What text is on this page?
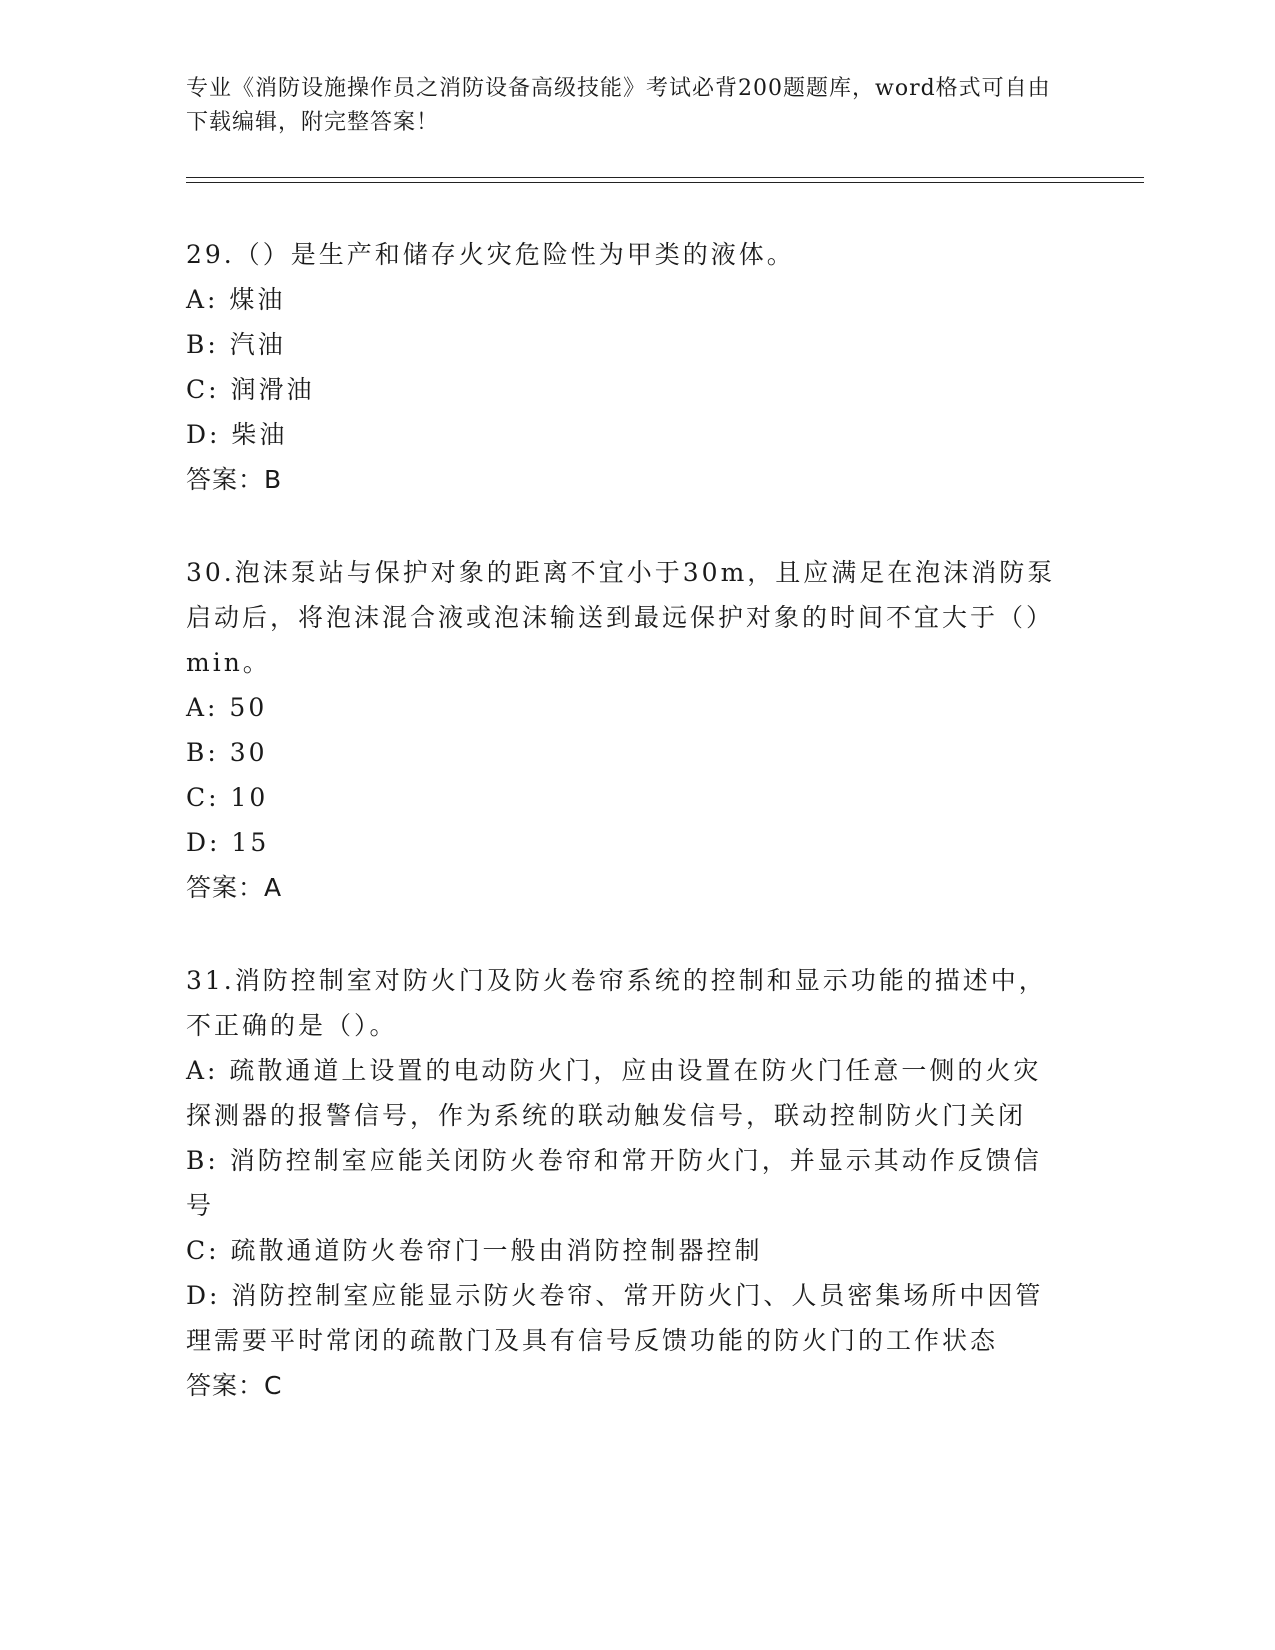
专业《消防设施操作员之消防设备高级技能》考试必背200题题库，word格式可自由下载编辑，附完整答案！

29.（）是生产和储存火灾危险性为甲类的液体。

A: 煤油

B: 汽油

C: 润滑油

D: 柴油

答案：B

30.泡沫泵站与保护对象的距离不宜小于30m，且应满足在泡沫消防泵启动后，将泡沫混合液或泡沫输送到最远保护对象的时间不宜大于（）min。

A: 50

B: 30

C: 10

D: 15

答案：A

31.消防控制室对防火门及防火卷帘系统的控制和显示功能的描述中，不正确的是（）。

A: 疏散通道上设置的电动防火门，应由设置在防火门任意一侧的火灾探测器的报警信号，作为系统的联动触发信号，联动控制防火门关闭

B: 消防控制室应能关闭防火卷帘和常开防火门，并显示其动作反馈信号

C: 疏散通道防火卷帘门一般由消防控制器控制

D: 消防控制室应能显示防火卷帘、常开防火门、人员密集场所中因管理需要平时常闭的疏散门及具有信号反馈功能的防火门的工作状态

答案：C
